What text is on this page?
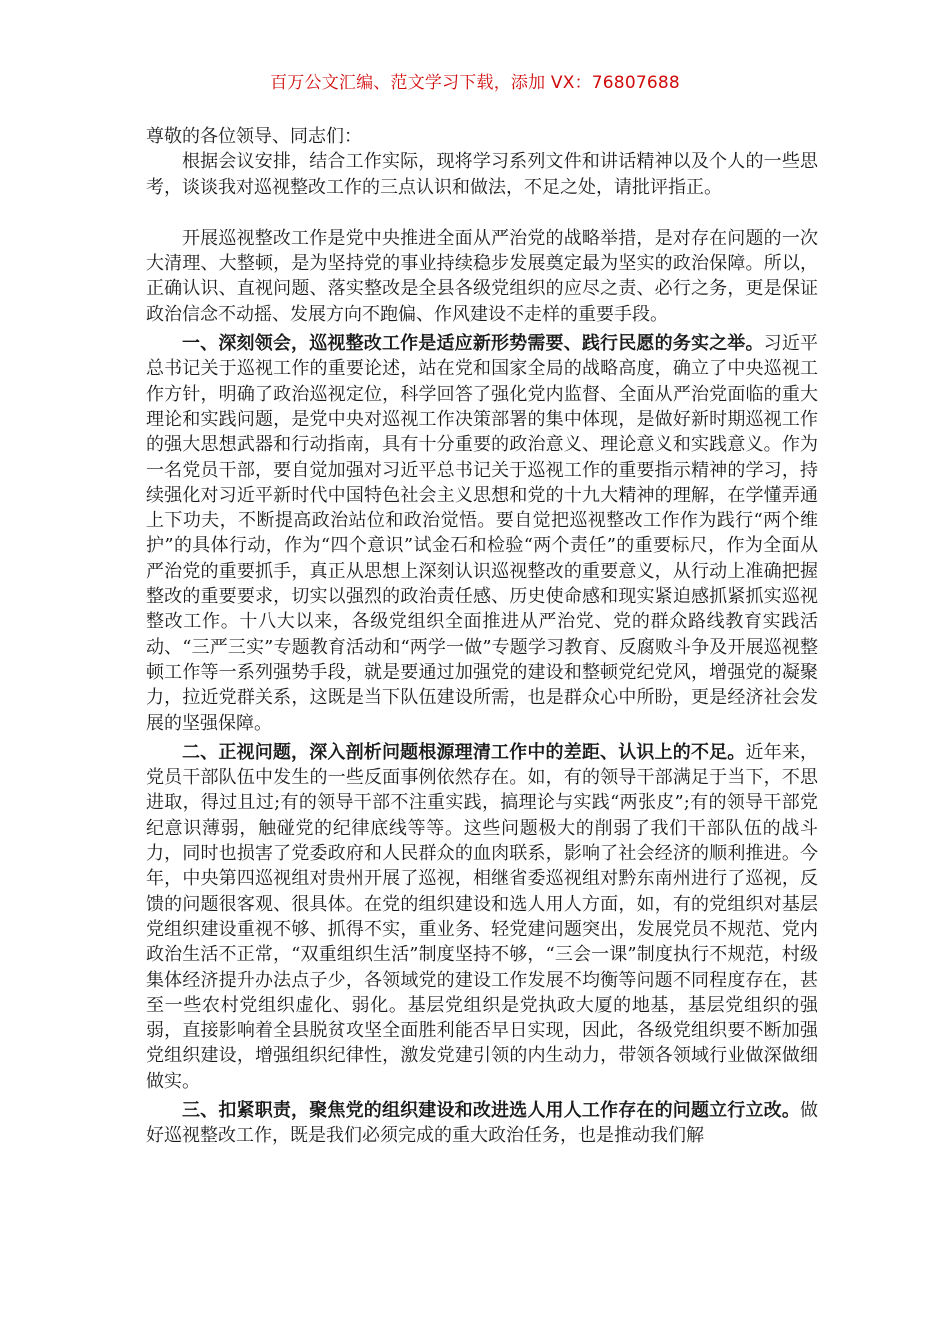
百万公文汇编、范文学习下载，添加 VX：76807688

尊敬的各位领导、同志们：

根据会议安排，结合工作实际，现将学习系列文件和讲话精神以及个人的一些思考，谈谈我对巡视整改工作的三点认识和做法，不足之处，请批评指正。

开展巡视整改工作是党中央推进全面从严治党的战略举措，是对存在问题的一次大清理、大整顿，是为坚持党的事业持续稳步发展奠定最为坚实的政治保障。所以，正确认识、直视问题、落实整改是全县各级党组织的应尽之责、必行之务，更是保证政治信念不动摇、发展方向不跑偏、作风建设不走样的重要手段。

一、深刻领会，巡视整改工作是适应新形势需要、践行民愿的务实之举。习近平总书记关于巡视工作的重要论述，站在党和国家全局的战略高度，确立了中央巡视工作方针，明确了政治巡视定位，科学回答了强化党内监督、全面从严治党面临的重大理论和实践问题，是党中央对巡视工作决策部署的集中体现，是做好新时期巡视工作的强大思想武器和行动指南，具有十分重要的政治意义、理论意义和实践意义。作为一名党员干部，要自觉加强对习近平总书记关于巡视工作的重要指示精神的学习，持续强化对习近平新时代中国特色社会主义思想和党的十九大精神的理解，在学懂弄通上下功夫，不断提高政治站位和政治觉悟。要自觉把巡视整改工作作为践行“两个维护”的具体行动，作为“四个意识”试金石和检验“两个责任”的重要标尺，作为全面从严治党的重要抓手，真正从思想上深刻认识巡视整改的重要意义，从行动上准确把握整改的重要要求，切实以强烈的政治责任感、历史使命感和现实紧迫感抓紧抓实巡视整改工作。十八大以来，各级党组织全面推进从严治党、党的群众路线教育实践活动、“三严三实”专题教育活动和“两学一做”专题学习教育、反腐败斗争及开展巡视整顿工作等一系列强势手段，就是要通过加强党的建设和整顿党纪党风，增强党的凝聚力，拉近党群关系，这既是当下队伍建设所需，也是群众心中所盼，更是经济社会发展的坚强保障。

二、正视问题，深入剖析问题根源理清工作中的差距、认识上的不足。近年来，党员干部队伍中发生的一些反面事例依然存在。如，有的领导干部满足于当下，不思进取，得过且过;有的领导干部不注重实践，搞理论与实践“两张皮”;有的领导干部党纪意识薄弱，触碰党的纪律底线等等。这些问题极大的削弱了我们干部队伍的战斗力，同时也损害了党委政府和人民群众的血肉联系，影响了社会经济的顺利推进。今年，中央第四巡视组对贵州开展了巡视，相继省委巡视组对黔东南州进行了巡视，反馈的问题很客观、很具体。在党的组织建设和选人用人方面，如，有的党组织对基层党组织建设重视不够、抓得不实，重业务、轻党建问题突出，发展党员不规范、党内政治生活不正常，“双重组织生活”制度坚持不够，“三会一课”制度执行不规范，村级集体经济提升办法点子少，各领域党的建设工作发展不均衡等问题不同程度存在，甚至一些农村党组织虚化、弱化。基层党组织是党执政大厦的地基，基层党组织的强弱，直接影响着全县脱贫攻坚全面胜利能否早日实现，因此，各级党组织要不断加强党组织建设，增强组织纪律性，激发党建引领的内生动力，带领各领域行业做深做细做实。

三、扣紧职责，聚焦党的组织建设和改进选人用人工作存在的问题立行立改。做好巡视整改工作，既是我们必须完成的重大政治任务，也是推动我们解
